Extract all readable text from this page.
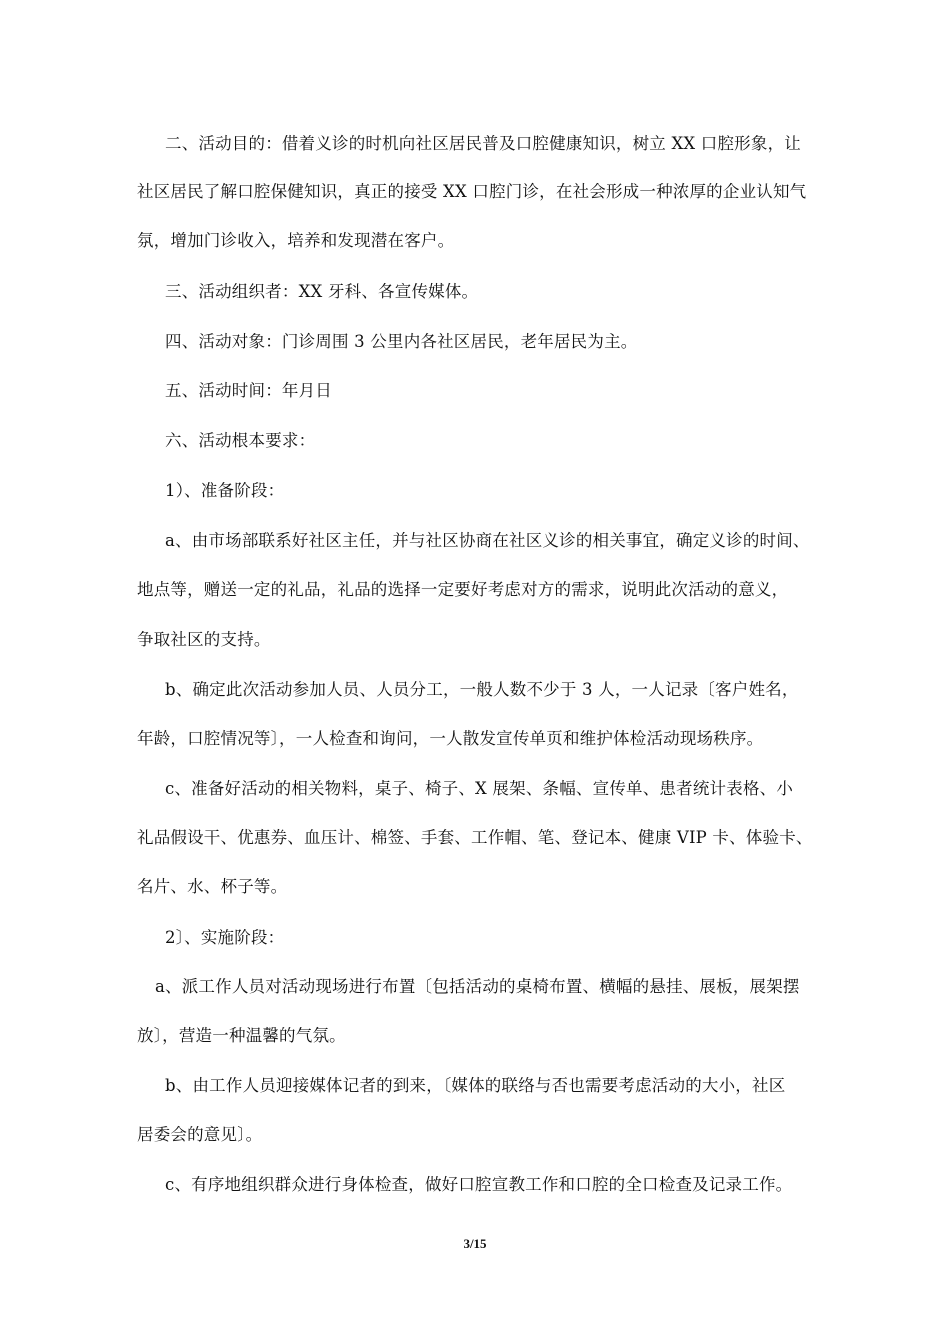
二、活动目的：借着义诊的时机向社区居民普及口腔健康知识，树立 XX 口腔形象，让
社区居民了解口腔保健知识，真正的接受 XX 口腔门诊，在社会形成一种浓厚的企业认知气
氛，增加门诊收入，培养和发现潜在客户。
三、活动组织者：XX 牙科、各宣传媒体。
四、活动对象：门诊周围 3 公里内各社区居民，老年居民为主。
五、活动时间：年月日
六、活动根本要求：
1）、准备阶段：
a、由市场部联系好社区主任，并与社区协商在社区义诊的相关事宜，确定义诊的时间、
地点等，赠送一定的礼品，礼品的选择一定要好考虑对方的需求，说明此次活动的意义，
争取社区的支持。
b、确定此次活动参加人员、人员分工，一般人数不少于 3 人，一人记录〔客户姓名，
年龄，口腔情况等〕，一人检查和询问，一人散发宣传单页和维护体检活动现场秩序。
c、准备好活动的相关物料，桌子、椅子、X 展架、条幅、宣传单、患者统计表格、小
礼品假设干、优惠券、血压计、棉签、手套、工作帽、笔、登记本、健康 VIP 卡、体验卡、
名片、水、杯子等。
2〕、实施阶段：
a、派工作人员对活动现场进行布置〔包括活动的桌椅布置、横幅的悬挂、展板，展架摆
放〕，营造一种温馨的气氛。
b、由工作人员迎接媒体记者的到来，〔媒体的联络与否也需要考虑活动的大小，社区
居委会的意见〕。
c、有序地组织群众进行身体检查，做好口腔宣教工作和口腔的全口检查及记录工作。
3/15
